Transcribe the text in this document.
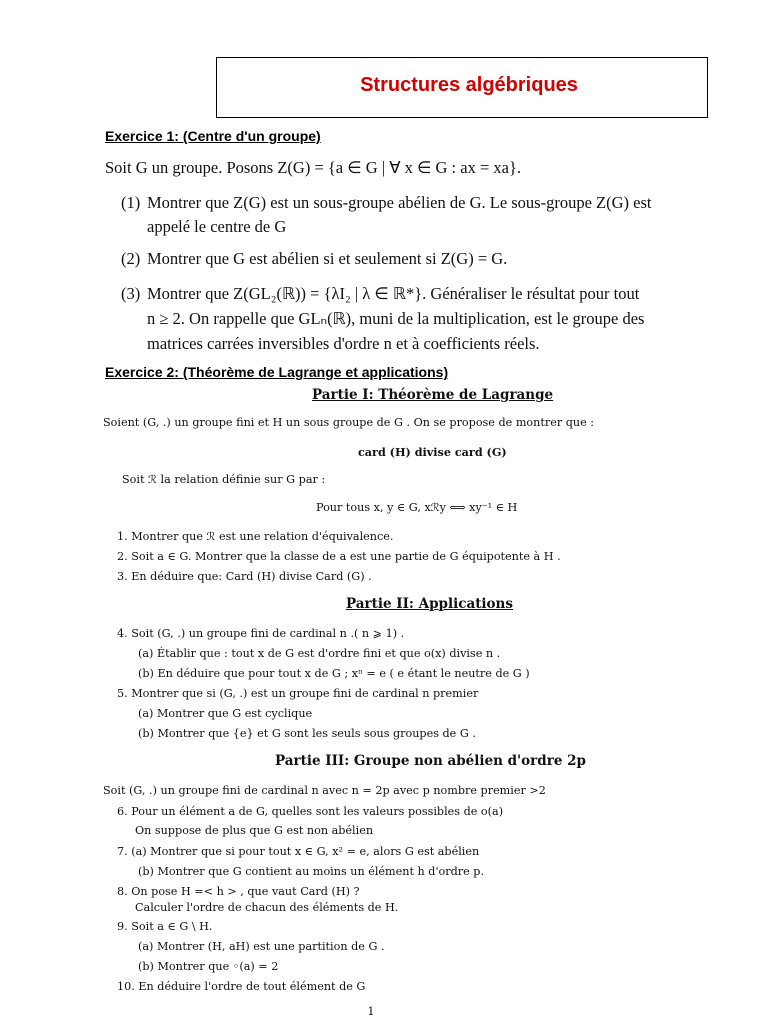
Structures algébriques
Exercice 1: (Centre d'un groupe)
Soit G un groupe. Posons Z(G) = {a ∈ G | ∀ x ∈ G : ax = xa}.
(1) Montrer que Z(G) est un sous-groupe abélien de G. Le sous-groupe Z(G) est
appelé le centre de G
(2) Montrer que G est abélien si et seulement si Z(G) = G.
(3) Montrer que Z(GL₂(ℝ)) = {λI₂ | λ ∈ ℝ*}. Généraliser le résultat pour tout
n ≥ 2. On rappelle que GLₙ(ℝ), muni de la multiplication, est le groupe des
matrices carrées inversibles d'ordre n et à coefficients réels.
Exercice 2: (Théorème de Lagrange et applications)
Partie I: Théorème de Lagrange
Soient (G, .) un groupe fini et H un sous groupe de G . On se propose de montrer que :
card (H) divise card (G)
Soit ℛ la relation définie sur G par :
Pour tous x, y ∈ G, xℛy ⟺ xy⁻¹ ∈ H
1. Montrer que ℛ est une relation d'équivalence.
2. Soit a ∈ G. Montrer que la classe de a est une partie de G équipotente à H .
3. En déduire que: Card (H) divise Card (G) .
Partie II: Applications
4. Soit (G, .) un groupe fini de cardinal n .( n ⩾ 1) .
(a) Établir que : tout x de G est d'ordre fini et que o(x) divise n .
(b) En déduire que pour tout x de G ; xⁿ = e ( e étant le neutre de G )
5. Montrer que si (G, .) est un groupe fini de cardinal n premier
(a) Montrer que G est cyclique
(b) Montrer que {e} et G sont les seuls sous groupes de G .
Partie III: Groupe non abélien d'ordre 2p
Soit (G, .) un groupe fini de cardinal n avec n = 2p avec p nombre premier >2
6. Pour un élément a de G, quelles sont les valeurs possibles de o(a)
On suppose de plus que G est non abélien
7. (a) Montrer que si pour tout x ∈ G, x² = e, alors G est abélien
(b) Montrer que G contient au moins un élément h d'ordre p.
8. On pose H =< h > , que vaut Card (H) ?
Calculer l'ordre de chacun des éléments de H.
9. Soit a ∈ G \ H.
(a) Montrer (H, aH) est une partition de G .
(b) Montrer que ◦(a) = 2
10. En déduire l'ordre de tout élément de G
1
